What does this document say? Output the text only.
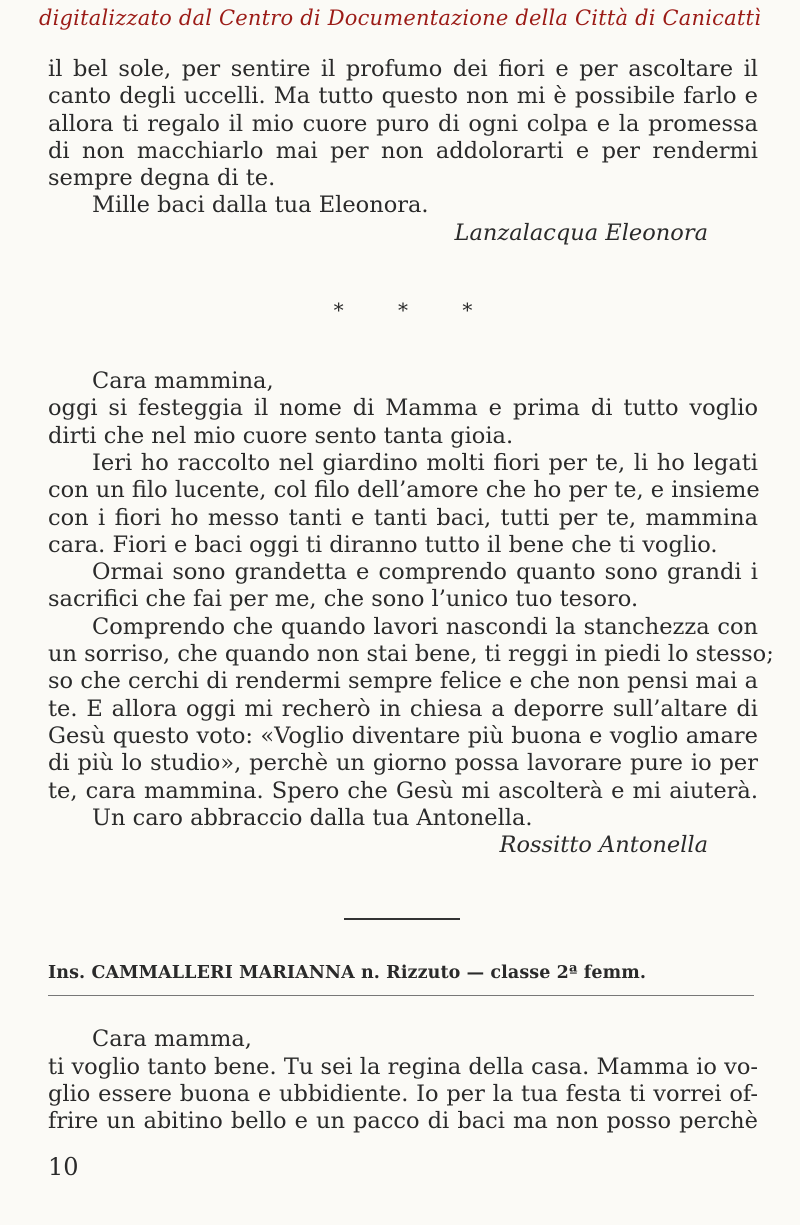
digitalizzato dal Centro di Documentazione della Città di Canicattì
il bel sole, per sentire il profumo dei fiori e per ascoltare il
canto degli uccelli. Ma tutto questo non mi è possibile farlo e
allora ti regalo il mio cuore puro di ogni colpa e la promessa
di non macchiarlo mai per non addolorarti e per rendermi
sempre degna di te.
Mille baci dalla tua Eleonora.
Lanzalacqua Eleonora
* * *
Cara mammina,
oggi si festeggia il nome di Mamma e prima di tutto voglio
dirti che nel mio cuore sento tanta gioia.
Ieri ho raccolto nel giardino molti fiori per te, li ho legati
con un filo lucente, col filo dell’amore che ho per te, e insieme
con i fiori ho messo tanti e tanti baci, tutti per te, mammina
cara. Fiori e baci oggi ti diranno tutto il bene che ti voglio.
Ormai sono grandetta e comprendo quanto sono grandi i
sacrifici che fai per me, che sono l’unico tuo tesoro.
Comprendo che quando lavori nascondi la stanchezza con
un sorriso, che quando non stai bene, ti reggi in piedi lo stesso;
so che cerchi di rendermi sempre felice e che non pensi mai a
te. E allora oggi mi recherò in chiesa a deporre sull’altare di
Gesù questo voto: «Voglio diventare più buona e voglio amare
di più lo studio», perchè un giorno possa lavorare pure io per
te, cara mammina. Spero che Gesù mi ascolterà e mi aiuterà.
Un caro abbraccio dalla tua Antonella.
Rossitto Antonella
Ins. CAMMALLERI MARIANNA n. Rizzuto — classe 2ª femm.
Cara mamma,
ti voglio tanto bene. Tu sei la regina della casa. Mamma io vo-
glio essere buona e ubbidiente. Io per la tua festa ti vorrei of-
frire un abitino bello e un pacco di baci ma non posso perchè
10
